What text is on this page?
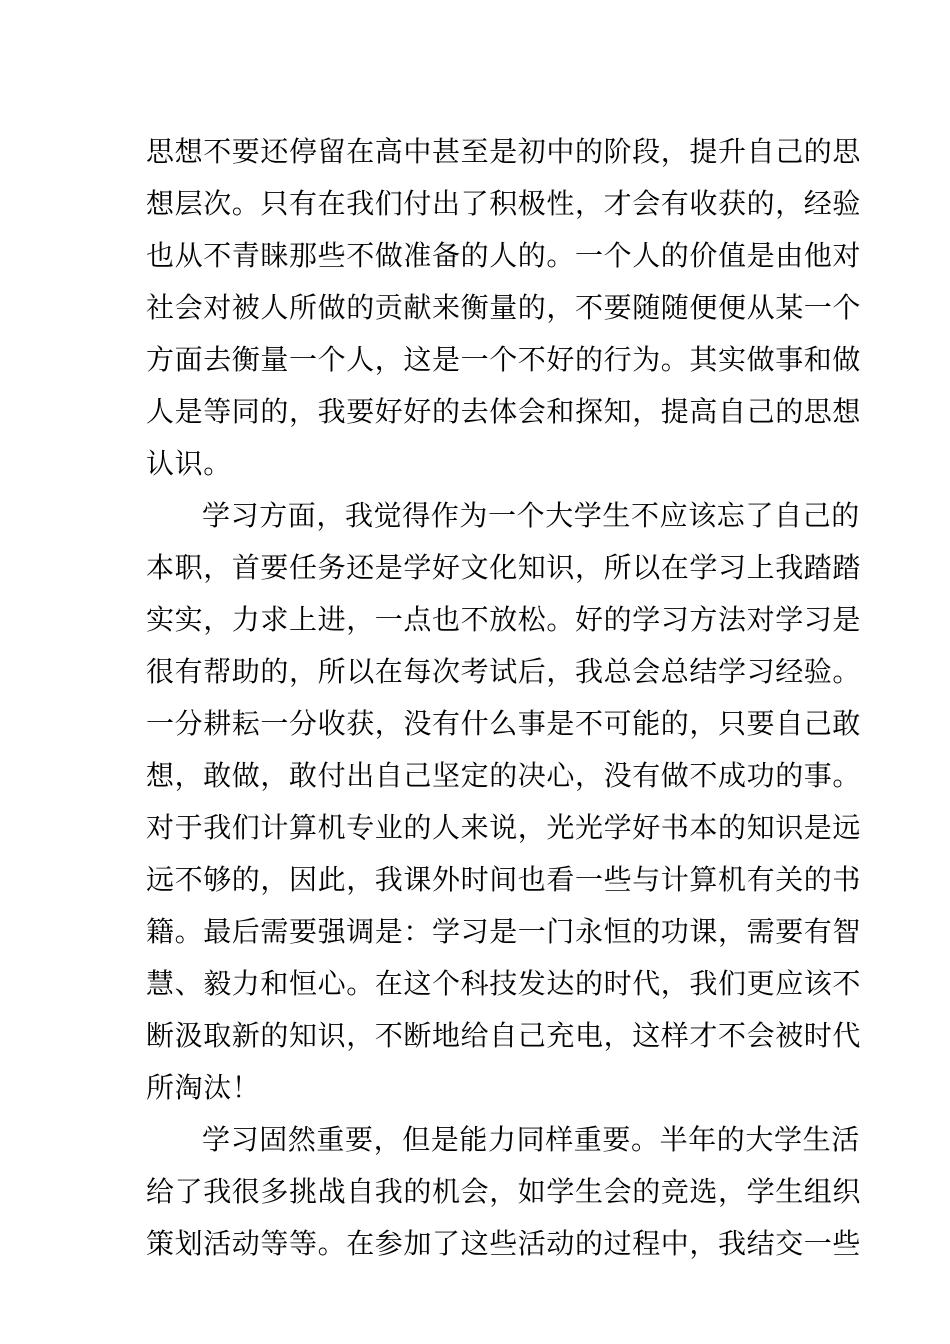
思想不要还停留在高中甚至是初中的阶段，提升自己的思
想层次。只有在我们付出了积极性，才会有收获的，经验
也从不青睐那些不做准备的人的。一个人的价值是由他对
社会对被人所做的贡献来衡量的，不要随随便便从某一个
方面去衡量一个人，这是一个不好的行为。其实做事和做
人是等同的，我要好好的去体会和探知，提高自己的思想
认识。
学习方面，我觉得作为一个大学生不应该忘了自己的
本职，首要任务还是学好文化知识，所以在学习上我踏踏
实实，力求上进，一点也不放松。好的学习方法对学习是
很有帮助的，所以在每次考试后，我总会总结学习经验。
一分耕耘一分收获，没有什么事是不可能的，只要自己敢
想，敢做，敢付出自己坚定的决心，没有做不成功的事。
对于我们计算机专业的人来说，光光学好书本的知识是远
远不够的，因此，我课外时间也看一些与计算机有关的书
籍。最后需要强调是：学习是一门永恒的功课，需要有智
慧、毅力和恒心。在这个科技发达的时代，我们更应该不
断汲取新的知识，不断地给自己充电，这样才不会被时代
所淘汰！
学习固然重要，但是能力同样重要。半年的大学生活
给了我很多挑战自我的机会，如学生会的竞选，学生组织
策划活动等等。在参加了这些活动的过程中，我结交一些
